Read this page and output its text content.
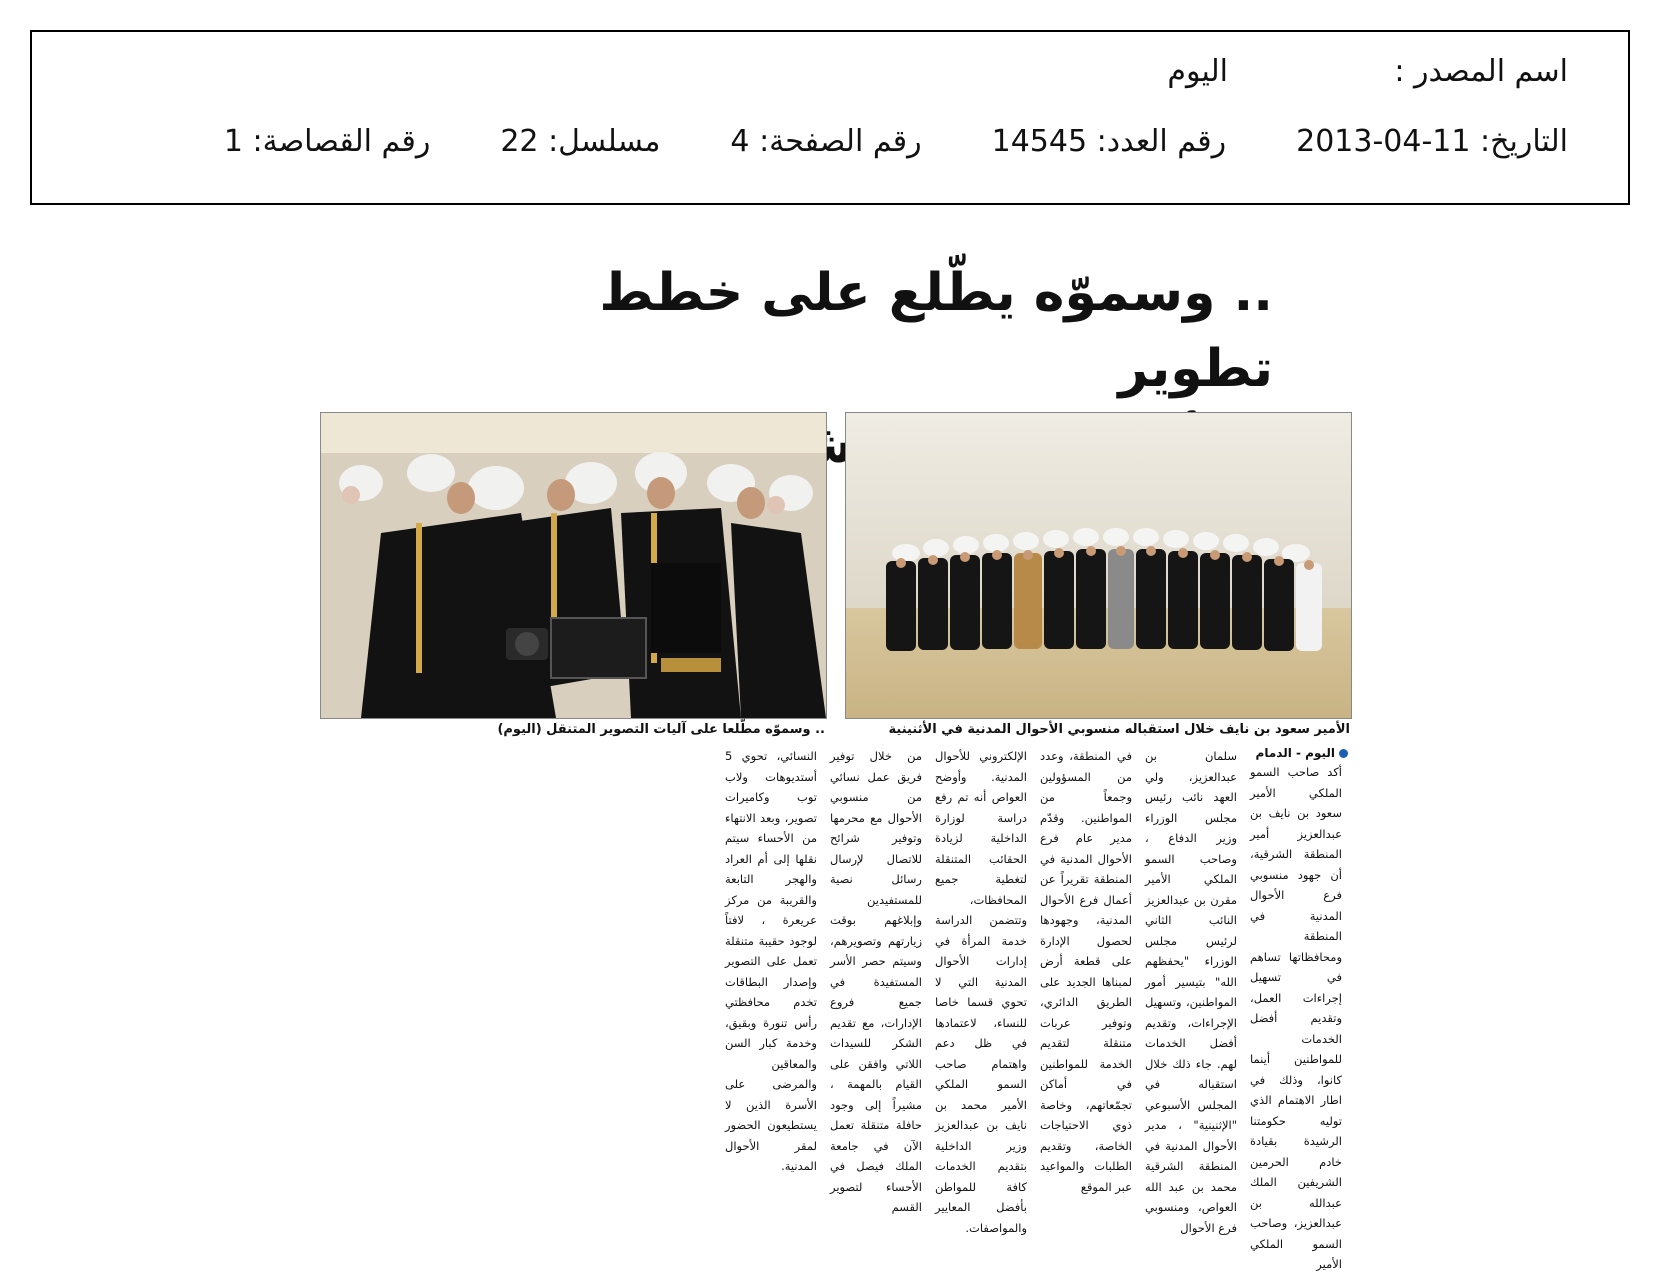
اسم المصدر :
اليوم
التاريخ: 2013-04-11
رقم العدد: 14545
رقم الصفحة: 4
مسلسل: 22
رقم القصاصة: 1
.. وسموّه يطّلع على خطط تطوير
الأمير سعود بن نايف خلال استقباله منسوبي الأحوال المدنية في الأثنينية
.. وسموّه مطّلعا على آليات التصوير المتنقل (اليوم)
اليوم - الدمام
أكد صاحب السمو الملكي الأمير سعود بن نايف بن عبدالعزيز أمير المنطقة الشرقية، أن جهود منسوبي فرع الأحوال المدنية في المنطقة ومحافظاتها تساهم في تسهيل إجراءات العمل، وتقديم أفضل الخدمات للمواطنين أينما كانوا، وذلك في اطار الاهتمام الذي توليه حكومتنا الرشيدة بقيادة خادم الحرمين الشريفين الملك عبدالله بن عبدالعزيز، وصاحب السمو الملكي الأمير
سلمان بن عبدالعزيز، ولي العهد نائب رئيس مجلس الوزراء وزير الدفاع ، وصاحب السمو الملكي الأمير مقرن بن عبدالعزيز النائب الثاني لرئيس مجلس الوزراء "يحفظهم الله" بتيسير أمور المواطنين، وتسهيل الإجراءات، وتقديم أفضل الخدمات لهم. جاء ذلك خلال استقباله في المجلس الأسبوعي "الإثنينية" ، مدير الأحوال المدنية في المنطقة الشرقية محمد بن عبد الله العواص، ومنسوبي فرع الأحوال
في المنطقة، وعدد من المسؤولين وجمعاً من المواطنين. وقدّم مدير عام فرع الأحوال المدنية في المنطقة تقريراً عن أعمال فرع الأحوال المدنية، وجهودها لحصول الإدارة على قطعة أرض لمبناها الجديد على الطريق الدائري، وتوفير عربات متنقلة لتقديم الخدمة للمواطنين في أماكن تجمّعاتهم، وخاصة ذوي الاحتياجات الخاصة، وتقديم الطلبات والمواعيد عبر الموقع
الإلكتروني للأحوال المدنية. وأوضح العواص أنه تم رفع دراسة لوزارة الداخلية لزيادة الحقائب المتنقلة لتغطية جميع المحافظات، وتتضمن الدراسة خدمة المرأة في إدارات الأحوال المدنية التي لا تحوي قسما خاصا للنساء، لاعتمادها في ظل دعم واهتمام صاحب السمو الملكي الأمير محمد بن نايف بن عبدالعزيز وزير الداخلية بتقديم الخدمات كافة للمواطن بأفضل المعايير والمواصفات.
من خلال توفير فريق عمل نسائي من منسوبي الأحوال مع محرمها وتوفير شرائح للاتصال لإرسال رسائل نصية للمستفيدين وإبلاغهم بوقت زيارتهم وتصويرهم، وسيتم حصر الأسر المستفيدة في جميع فروع الإدارات، مع تقديم الشكر للسيدات اللاتي وافقن على القيام بالمهمة ، مشيراً إلى وجود حافلة متنقلة تعمل الآن في جامعة الملك فيصل في الأحساء لتصوير القسم
النسائي، تحوي 5 أستديوهات ولاب توب وكاميرات تصوير، وبعد الانتهاء من الأحساء سيتم نقلها إلى أم العراد والهجر التابعة والقريبة من مركز عريعرة ، لافتاً لوجود حقيبة متنقلة تعمل على التصوير وإصدار البطاقات تخدم محافظتي رأس تنورة وبقيق، وخدمة كبار السن والمعاقين والمرضى على الأسرة الذين لا يستطيعون الحضور لمقر الأحوال المدنية.
